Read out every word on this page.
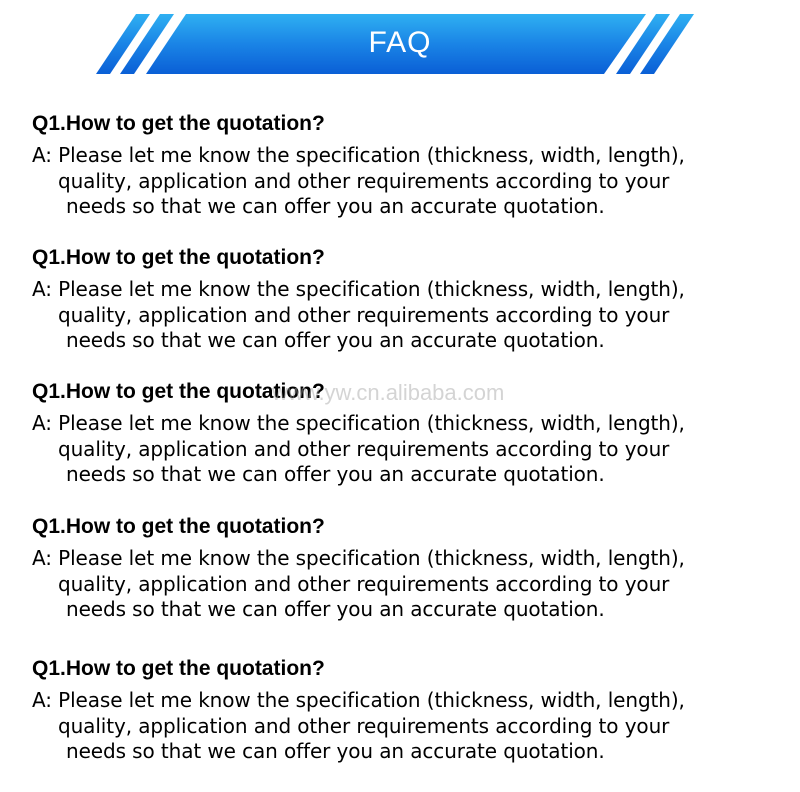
FAQ
Q1.How to get the quotation?
A: Please let me know the specification (thickness, width, length),
quality, application and other requirements according to your
needs so that we can offer you an accurate quotation.
Q1.How to get the quotation?
A: Please let me know the specification (thickness, width, length),
quality, application and other requirements according to your
needs so that we can offer you an accurate quotation.
Q1.How to get the quotation?
A: Please let me know the specification (thickness, width, length),
quality, application and other requirements according to your
needs so that we can offer you an accurate quotation.
Q1.How to get the quotation?
A: Please let me know the specification (thickness, width, length),
quality, application and other requirements according to your
needs so that we can offer you an accurate quotation.
Q1.How to get the quotation?
A: Please let me know the specification (thickness, width, length),
quality, application and other requirements according to your
needs so that we can offer you an accurate quotation.
www.yw.cn.alibaba.com
